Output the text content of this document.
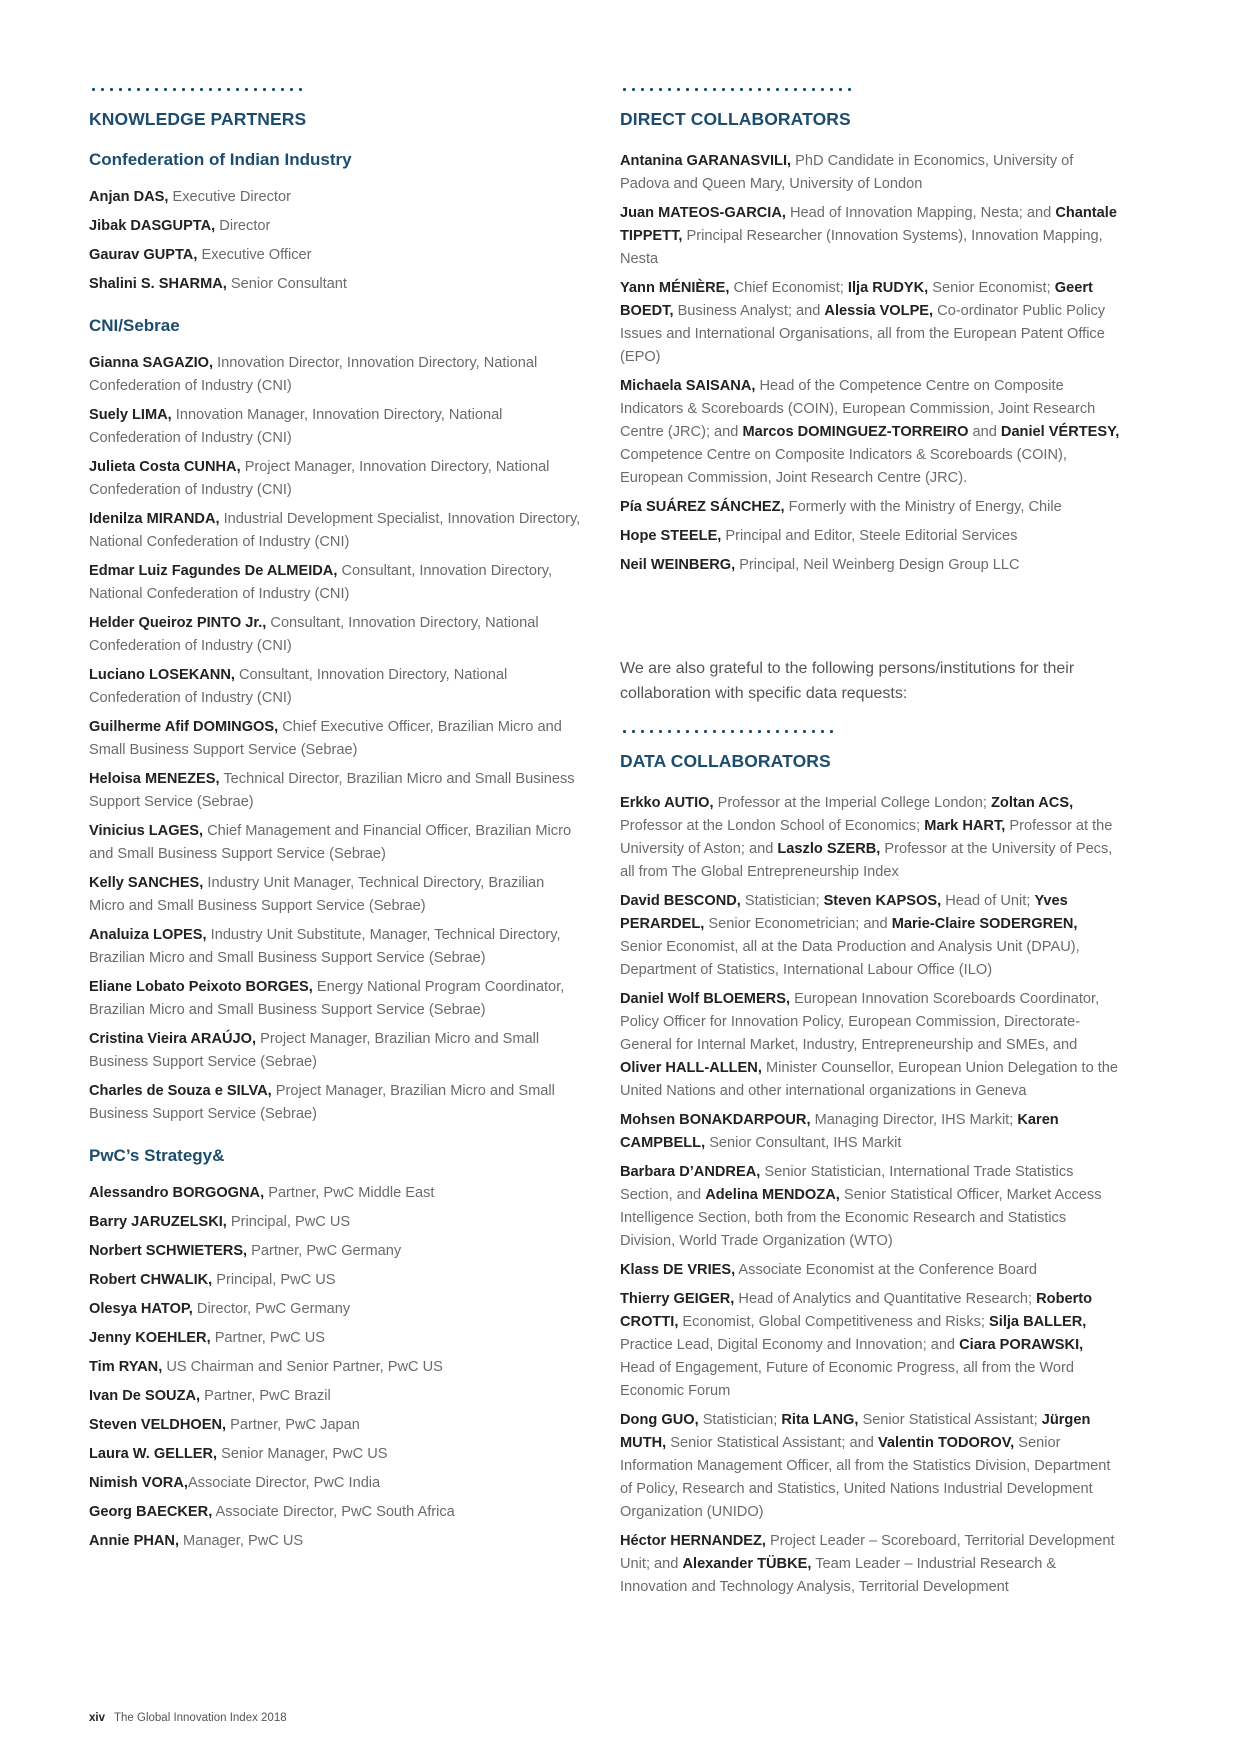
KNOWLEDGE PARTNERS
Confederation of Indian Industry

Anjan DAS, Executive Director

Jibak DASGUPTA, Director

Gaurav GUPTA, Executive Officer

Shalini S. SHARMA, Senior Consultant

CNI/Sebrae

Gianna SAGAZIO, Innovation Director, Innovation Directory, National Confederation of Industry (CNI)

Suely LIMA, Innovation Manager, Innovation Directory, National Confederation of Industry (CNI)

Julieta Costa CUNHA, Project Manager, Innovation Directory, National Confederation of Industry (CNI)

Idenilza MIRANDA, Industrial Development Specialist, Innovation Directory, National Confederation of Industry (CNI)

Edmar Luiz Fagundes De ALMEIDA, Consultant, Innovation Directory, National Confederation of Industry (CNI)

Helder Queiroz PINTO Jr., Consultant, Innovation Directory, National Confederation of Industry (CNI)

Luciano LOSEKANN, Consultant, Innovation Directory, National Confederation of Industry (CNI)

Guilherme Afif DOMINGOS, Chief Executive Officer, Brazilian Micro and Small Business Support Service (Sebrae)

Heloisa MENEZES, Technical Director, Brazilian Micro and Small Business Support Service (Sebrae)

Vinicius LAGES, Chief Management and Financial Officer, Brazilian Micro and Small Business Support Service (Sebrae)

Kelly SANCHES, Industry Unit Manager, Technical Directory, Brazilian Micro and Small Business Support Service (Sebrae)

Analuiza LOPES, Industry Unit Substitute, Manager, Technical Directory, Brazilian Micro and Small Business Support Service (Sebrae)

Eliane Lobato Peixoto BORGES, Energy National Program Coordinator, Brazilian Micro and Small Business Support Service (Sebrae)

Cristina Vieira ARAÚJO, Project Manager, Brazilian Micro and Small Business Support Service (Sebrae)

Charles de Souza e SILVA, Project Manager, Brazilian Micro and Small Business Support Service (Sebrae)

PwC’s Strategy&

Alessandro BORGOGNA, Partner, PwC Middle East

Barry JARUZELSKI, Principal, PwC US

Norbert SCHWIETERS, Partner, PwC Germany

Robert CHWALIK, Principal, PwC US

Olesya HATOP, Director, PwC Germany

Jenny KOEHLER, Partner, PwC US

Tim RYAN, US Chairman and Senior Partner, PwC US

Ivan De SOUZA, Partner, PwC Brazil

Steven VELDHOEN, Partner, PwC Japan

Laura W. GELLER, Senior Manager, PwC US

Nimish VORA,Associate Director, PwC India

Georg BAECKER, Associate Director, PwC South Africa

Annie PHAN, Manager, PwC US

DIRECT COLLABORATORS

Antanina GARANASVILI, PhD Candidate in Economics, University of Padova and Queen Mary, University of London

Juan MATEOS-GARCIA, Head of Innovation Mapping, Nesta; and Chantale TIPPETT, Principal Researcher (Innovation Systems), Innovation Mapping, Nesta

Yann MÉNIÈRE, Chief Economist; Ilja RUDYK, Senior Economist; Geert BOEDT, Business Analyst; and Alessia VOLPE, Co-ordinator Public Policy Issues and International Organisations, all from the European Patent Office (EPO)

Michaela SAISANA, Head of the Competence Centre on Composite Indicators & Scoreboards (COIN), European Commission, Joint Research Centre (JRC); and Marcos DOMINGUEZ-TORREIRO and Daniel VÉRTESY, Competence Centre on Composite Indicators & Scoreboards (COIN), European Commission, Joint Research Centre (JRC).

Pía SUÁREZ SÁNCHEZ, Formerly with the Ministry of Energy, Chile

Hope STEELE, Principal and Editor, Steele Editorial Services

Neil WEINBERG, Principal, Neil Weinberg Design Group LLC

We are also grateful to the following persons/institutions for their collaboration with specific data requests:

DATA COLLABORATORS

Erkko AUTIO, Professor at the Imperial College London; Zoltan ACS, Professor at the London School of Economics; Mark HART, Professor at the University of Aston; and Laszlo SZERB, Professor at the University of Pecs, all from The Global Entrepreneurship Index

David BESCOND, Statistician; Steven KAPSOS, Head of Unit; Yves PERARDEL, Senior Econometrician; and Marie-Claire SODERGREN, Senior Economist, all at the Data Production and Analysis Unit (DPAU), Department of Statistics, International Labour Office (ILO)

Daniel Wolf BLOEMERS, European Innovation Scoreboards Coordinator, Policy Officer for Innovation Policy, European Commission, Directorate-General for Internal Market, Industry, Entrepreneurship and SMEs, and Oliver HALL-ALLEN, Minister Counsellor, European Union Delegation to the United Nations and other international organizations in Geneva

Mohsen BONAKDARPOUR, Managing Director, IHS Markit; Karen CAMPBELL, Senior Consultant, IHS Markit

Barbara D’ANDREA, Senior Statistician, International Trade Statistics Section, and Adelina MENDOZA, Senior Statistical Officer, Market Access Intelligence Section, both from the Economic Research and Statistics Division, World Trade Organization (WTO)

Klass DE VRIES, Associate Economist at the Conference Board

Thierry GEIGER, Head of Analytics and Quantitative Research; Roberto CROTTI, Economist, Global Competitiveness and Risks; Silja BALLER, Practice Lead, Digital Economy and Innovation; and Ciara PORAWSKI, Head of Engagement, Future of Economic Progress, all from the Word Economic Forum

Dong GUO, Statistician; Rita LANG, Senior Statistical Assistant; Jürgen MUTH, Senior Statistical Assistant; and Valentin TODOROV, Senior Information Management Officer, all from the Statistics Division, Department of Policy, Research and Statistics, United Nations Industrial Development Organization (UNIDO)

Héctor HERNANDEZ, Project Leader – Scoreboard, Territorial Development Unit; and Alexander TÜBKE, Team Leader – Industrial Research & Innovation and Technology Analysis, Territorial Development

xiv The Global Innovation Index 2018
